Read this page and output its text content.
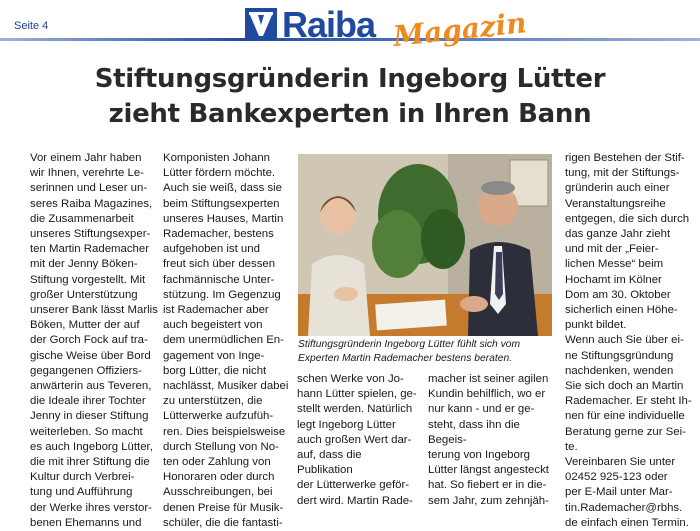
Seite 4	Raiba Magazin
Stiftungsgründerin Ingeborg Lütter
zieht Bankexperten in Ihren Bann
Vor einem Jahr haben
wir Ihnen, verehrte Le-
serinnen und Leser un-
seres Raiba Magazines,
die Zusammenarbeit
unseres Stiftungsexper-
ten Martin Rademacher
mit der Jenny Böken-
Stiftung vorgestellt. Mit
großer Unterstützung
unserer Bank lässt Marlis
Böken, Mutter der auf
der Gorch Fock auf tra-
gische Weise über Bord
gegangenen Offiziers-
anwärterin aus Teveren,
die Ideale ihrer Tochter
Jenny in dieser Stiftung
weiterleben. So macht
es auch Ingeborg Lütter,
die mit ihrer Stiftung die
Kultur durch Verbrei-
tung und Aufführung
der Werke ihres verstor-
benen Ehemanns und
Komponisten Johann
Lütter fördern möchte.
Auch sie weiß, dass sie
beim Stiftungsexperten
unseres Hauses, Martin
Rademacher, bestens
aufgehoben ist und
freut sich über dessen
fachmännische Unter-
stützung. Im Gegenzug
ist Rademacher aber
auch begeistert von
dem unermüdlichen En-
gagement von Inge-
borg Lütter, die nicht
nachlässt, Musiker dabei
zu unterstützen, die
Lütterwerke aufzufüh-
ren. Dies beispielsweise
durch Stellung von No-
ten oder Zahlung von
Honoraren oder durch
Ausschreibungen, bei
denen Preise für Musik-
schüler, die die fantasti-
Stiftungsgründerin Ingeborg Lütter fühlt sich vom Experten Martin Rademacher bestens beraten.
schen Werke von Jo-
hann Lütter spielen, ge-
stellt werden. Natürlich
legt Ingeborg Lütter
auch großen Wert dar-
auf, dass die Publikation
der Lütterwerke geför-
dert wird. Martin Rade-
macher ist seiner agilen
Kundin behilflich, wo er
nur kann - und er ge-
steht, dass ihn die Begeis-
terung von Ingeborg
Lütter längst angesteckt
hat. So fiebert er in die-
sem Jahr, zum zehnjäh-
rigen Bestehen der Stif-
tung, mit der Stiftungs-
gründerin auch einer
Veranstaltungsreihe
entgegen, die sich durch
das ganze Jahr zieht
und mit der „Feier-
lichen Messe“ beim
Hochamt im Kölner
Dom am 30. Oktober
sicherlich einen Höhe-
punkt bildet.
Wenn auch Sie über ei-
ne Stiftungsgründung
nachdenken, wenden
Sie sich doch an Martin
Rademacher. Er steht Ih-
nen für eine individuelle
Beratung gerne zur Sei-
te.
Vereinbaren Sie unter
02452 925-123 oder
per E-Mail unter Mar-
tin.Rademacher@rbhs.
de einfach einen Termin.
